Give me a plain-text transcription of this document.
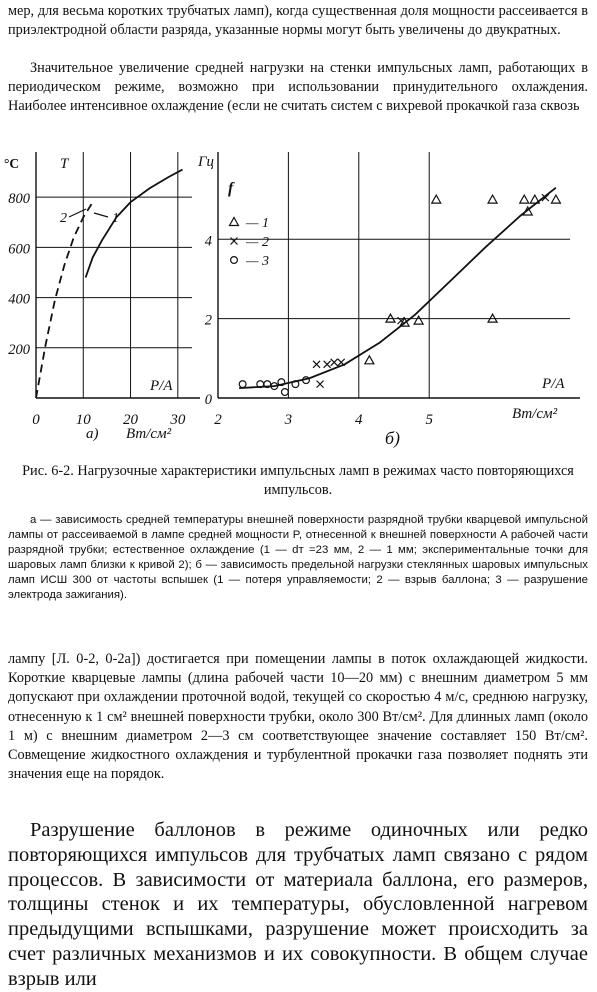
мер, для весьма коротких трубчатых ламп), когда существенная доля мощности рассеивается в приэлектродной области разряда, указанные нормы могут быть увеличены до двукратных.

Значительное увеличение средней нагрузки на стенки импульсных ламп, работающих в периодическом режиме, возможно при использовании принудительного охлаждения. Наиболее интенсивное охлаждение (если не считать систем с вихревой прокачкой газа сквозь

0 10 20 30
200
400
600
800
°С	T
P/A
а) Вт/см²
2	1
2	3	4	5
0
2
4
Гц
f
P/A
б)
Вт/см²
— 1
— 2
— 3
Рис. 6-2. Нагрузочные характеристики импульсных ламп в режимах часто повторяющихся импульсов.

а — зависимость средней температуры внешней поверхности разрядной трубки кварцевой импульсной лампы от рассеиваемой в лампе средней мощности P, отнесенной к внешней поверхности A рабочей части разрядной трубки; естественное охлаждение (1 — dт =23 мм, 2 — 1 мм; экспериментальные точки для шаровых ламп близки к кривой 2); б — зависимость предельной нагрузки стеклянных шаровых импульсных ламп ИСШ 300 от частоты вспышек (1 — потеря управляемости; 2 — взрыв баллона; 3 — разрушение электрода зажигания).

лампу [Л. 0-2, 0-2а]) достигается при помещении лампы в поток охлаждающей жидкости. Короткие кварцевые лампы (длина рабочей части 10—20 мм) с внешним диаметром 5 мм допускают при охлаждении проточной водой, текущей со скоростью 4 м/с, среднюю нагрузку, отнесенную к 1 см² внешней поверхности трубки, около 300 Вт/см². Для длинных ламп (около 1 м) с внешним диаметром 2—3 см соответствующее значение составляет 150 Вт/см². Совмещение жидкостного охлаждения и турбулентной прокачки газа позволяет поднять эти значения еще на порядок.

Разрушение баллонов в режиме одиночных или редко повторяющихся импульсов для трубчатых ламп связано с рядом процессов. В зависимости от материала баллона, его размеров, толщины стенок и их температуры, обусловленной нагревом предыдущими вспышками, разрушение может происходить за счет различных механизмов и их совокупности. В общем случае взрыв или
